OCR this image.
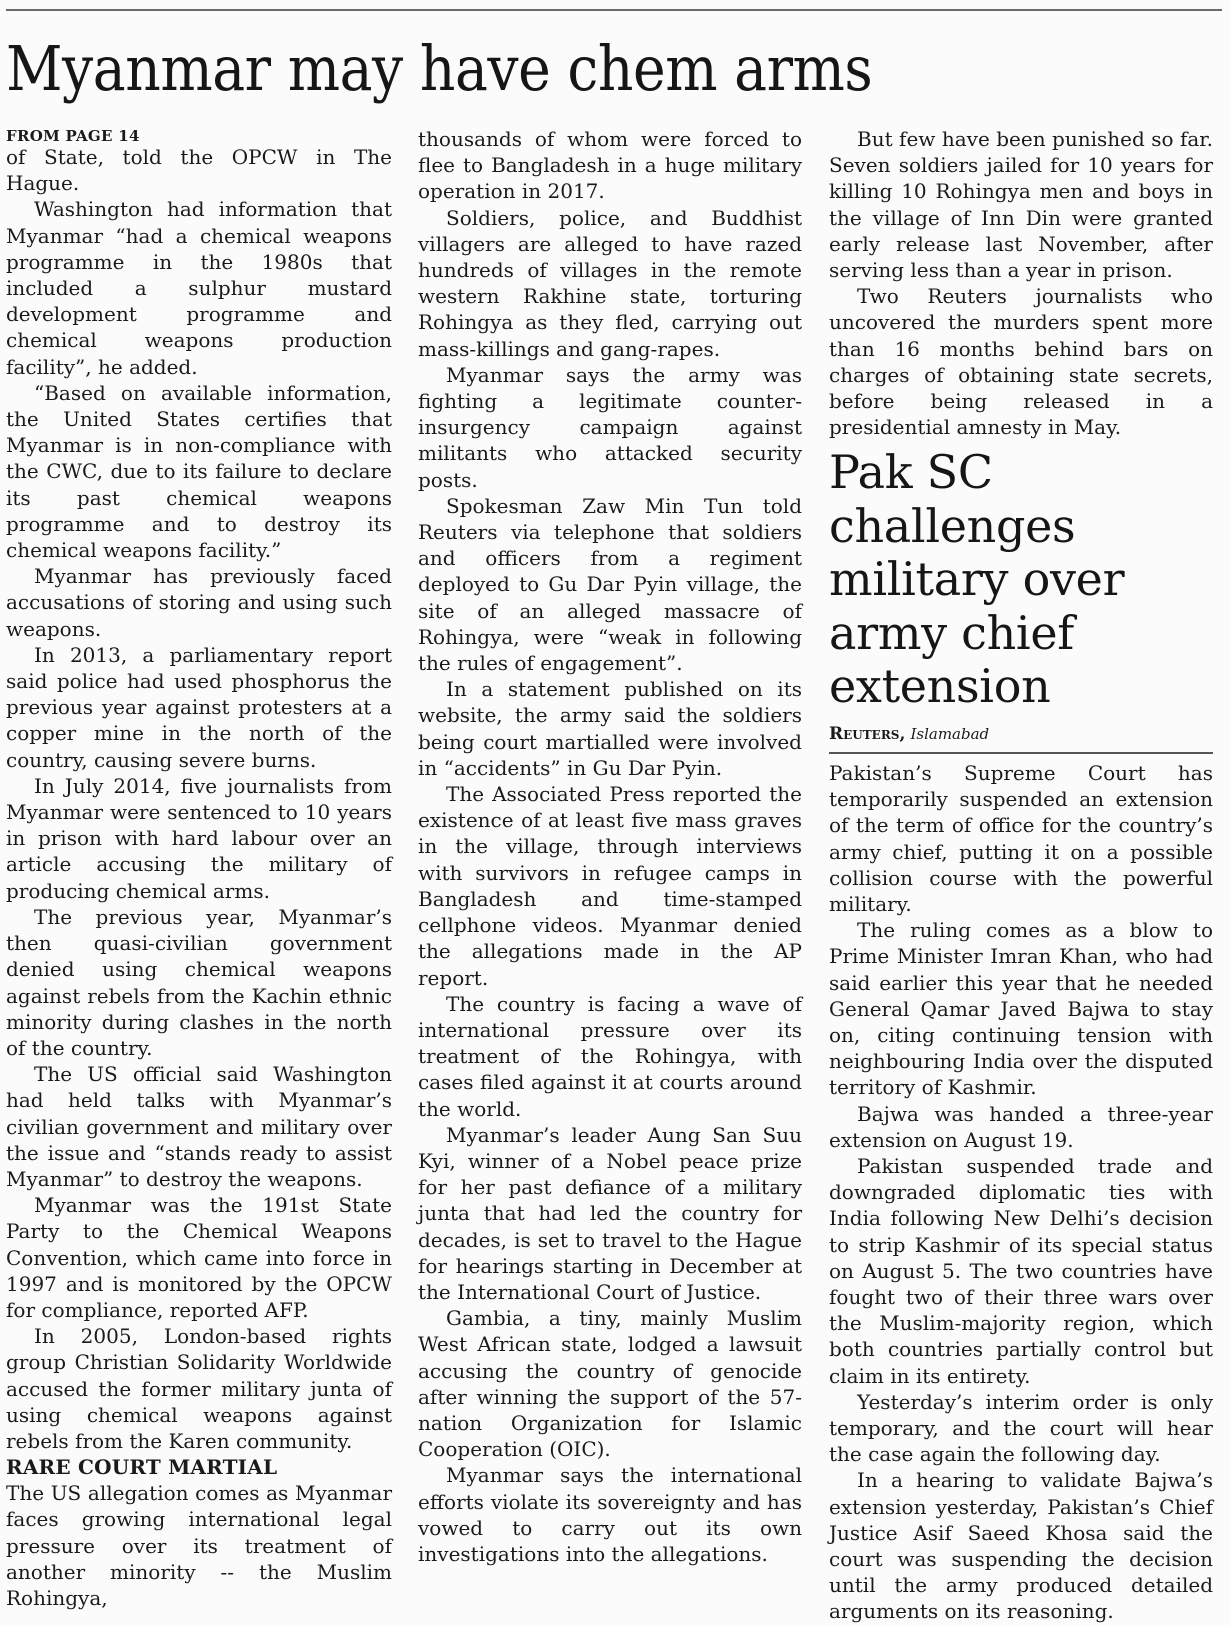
Myanmar may have chem arms
FROM PAGE 14

of State, told the OPCW in The Hague.

Washington had information that Myanmar “had a chemical weapons programme in the 1980s that included a sulphur mustard development programme and chemical weapons production facility”, he added.

“Based on available information, the United States certifies that Myanmar is in non-compliance with the CWC, due to its failure to declare its past chemical weapons programme and to destroy its chemical weapons facility.”

Myanmar has previously faced accusations of storing and using such weapons.

In 2013, a parliamentary report said police had used phosphorus the previous year against protesters at a copper mine in the north of the country, causing severe burns.

In July 2014, five journalists from Myanmar were sentenced to 10 years in prison with hard labour over an article accusing the military of producing chemical arms.

The previous year, Myanmar’s then quasi-civilian government denied using chemical weapons against rebels from the Kachin ethnic minority during clashes in the north of the country.

The US official said Washington had held talks with Myanmar’s civilian government and military over the issue and “stands ready to assist Myanmar” to destroy the weapons.

Myanmar was the 191st State Party to the Chemical Weapons Convention, which came into force in 1997 and is monitored by the OPCW for compliance, reported AFP.

In 2005, London-based rights group Christian Solidarity Worldwide accused the former military junta of using chemical weapons against rebels from the Karen community.

RARE COURT MARTIAL

The US allegation comes as Myanmar faces growing international legal pressure over its treatment of another minority -- the Muslim Rohingya,

thousands of whom were forced to flee to Bangladesh in a huge military operation in 2017.

Soldiers, police, and Buddhist villagers are alleged to have razed hundreds of villages in the remote western Rakhine state, torturing Rohingya as they fled, carrying out mass-killings and gang-rapes.

Myanmar says the army was fighting a legitimate counter-insurgency campaign against militants who attacked security posts.

Spokesman Zaw Min Tun told Reuters via telephone that soldiers and officers from a regiment deployed to Gu Dar Pyin village, the site of an alleged massacre of Rohingya, were “weak in following the rules of engagement”.

In a statement published on its website, the army said the soldiers being court martialled were involved in “accidents” in Gu Dar Pyin.

The Associated Press reported the existence of at least five mass graves in the village, through interviews with survivors in refugee camps in Bangladesh and time-stamped cellphone videos. Myanmar denied the allegations made in the AP report.

The country is facing a wave of international pressure over its treatment of the Rohingya, with cases filed against it at courts around the world.

Myanmar’s leader Aung San Suu Kyi, winner of a Nobel peace prize for her past defiance of a military junta that had led the country for decades, is set to travel to the Hague for hearings starting in December at the International Court of Justice.

Gambia, a tiny, mainly Muslim West African state, lodged a lawsuit accusing the country of genocide after winning the support of the 57-nation Organization for Islamic Cooperation (OIC).

Myanmar says the international efforts violate its sovereignty and has vowed to carry out its own investigations into the allegations.

But few have been punished so far. Seven soldiers jailed for 10 years for killing 10 Rohingya men and boys in the village of Inn Din were granted early release last November, after serving less than a year in prison.

Two Reuters journalists who uncovered the murders spent more than 16 months behind bars on charges of obtaining state secrets, before being released in a presidential amnesty in May.

Pak SC challenges military over army chief extension
Reuters, Islamabad

Pakistan’s Supreme Court has temporarily suspended an extension of the term of office for the country’s army chief, putting it on a possible collision course with the powerful military.

The ruling comes as a blow to Prime Minister Imran Khan, who had said earlier this year that he needed General Qamar Javed Bajwa to stay on, citing continuing tension with neighbouring India over the disputed territory of Kashmir.

Bajwa was handed a three-year extension on August 19.

Pakistan suspended trade and downgraded diplomatic ties with India following New Delhi’s decision to strip Kashmir of its special status on August 5. The two countries have fought two of their three wars over the Muslim-majority region, which both countries partially control but claim in its entirety.

Yesterday’s interim order is only temporary, and the court will hear the case again the following day.

In a hearing to validate Bajwa’s extension yesterday, Pakistan’s Chief Justice Asif Saeed Khosa said the court was suspending the decision until the army produced detailed arguments on its reasoning.
